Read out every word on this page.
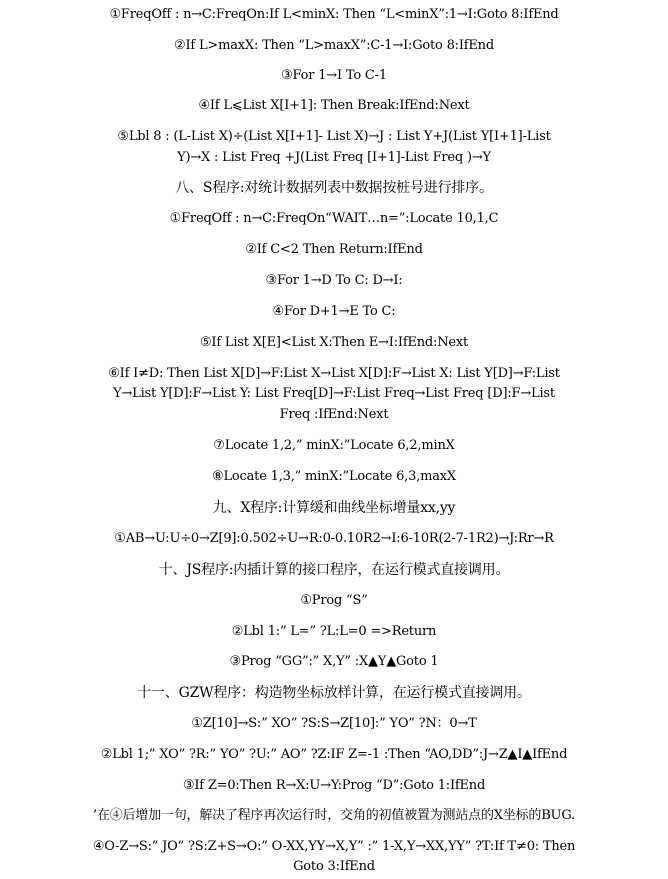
①FreqOff : n→C:FreqOn:If L<minX: Then “L<minX”:1→I:Goto 8:IfEnd
②If L>maxX: Then “L>maxX”:C-1→I:Goto 8:IfEnd
③For 1→I To C-1
④If L⩽List X[I+1]: Then Break:IfEnd:Next
⑤Lbl 8 : (L-List X)÷(List X[I+1]- List X)→J : List Y+J(List Y[I+1]-List
Y)→X : List Freq +J(List Freq [I+1]-List Freq )→Y
八、S程序:对统计数据列表中数据按桩号进行排序。
①FreqOff : n→C:FreqOn“WAIT…n=”:Locate 10,1,C
②If C<2 Then Return:IfEnd
③For 1→D To C: D→I:
④For D+1→E To C:
⑤If List X[E]<List X:Then E→I:IfEnd:Next
⑥If I≠D: Then List X[D]→F:List X→List X[D]:F→List X: List Y[D]→F:List
Y→List Y[D]:F→List Y: List Freq[D]→F:List Freq→List Freq [D]:F→List
Freq :IfEnd:Next
⑦Locate 1,2,” minX:”Locate 6,2,minX
⑧Locate 1,3,” minX:”Locate 6,3,maxX
九、X程序:计算缓和曲线坐标增量xx,yy
①AB→U:U÷0→Z[9]:0.502÷U→R:0-0.10R2→I:6-10R(2-7-1R2)→J:Rr→R
十、JS程序:内插计算的接口程序，在运行模式直接调用。
①Prog “S”
②Lbl 1:” L=” ?L:L=0 =>Return
③Prog “GG”:” X,Y” :X▲Y▲Goto 1
十一、GZW程序：构造物坐标放样计算，在运行模式直接调用。
①Z[10]→S:” XO” ?S:S→Z[10]:” YO” ?N：0→T
②Lbl 1;” XO” ?R:” YO” ?U:” AO” ?Z:IF Z=-1 :Then “AO,DD”:J→Z▲I▲IfEnd
③If Z=0:Then R→X:U→Y:Prog “D”:Goto 1:IfEnd
’在④后增加一句，解决了程序再次运行时，交角的初值被置为测站点的X坐标的BUG.
④O-Z→S:” JO” ?S:Z+S→O:” O-XX,YY→X,Y” :” 1-X,Y→XX,YY” ?T:If T≠0: Then
Goto 3:IfEnd
